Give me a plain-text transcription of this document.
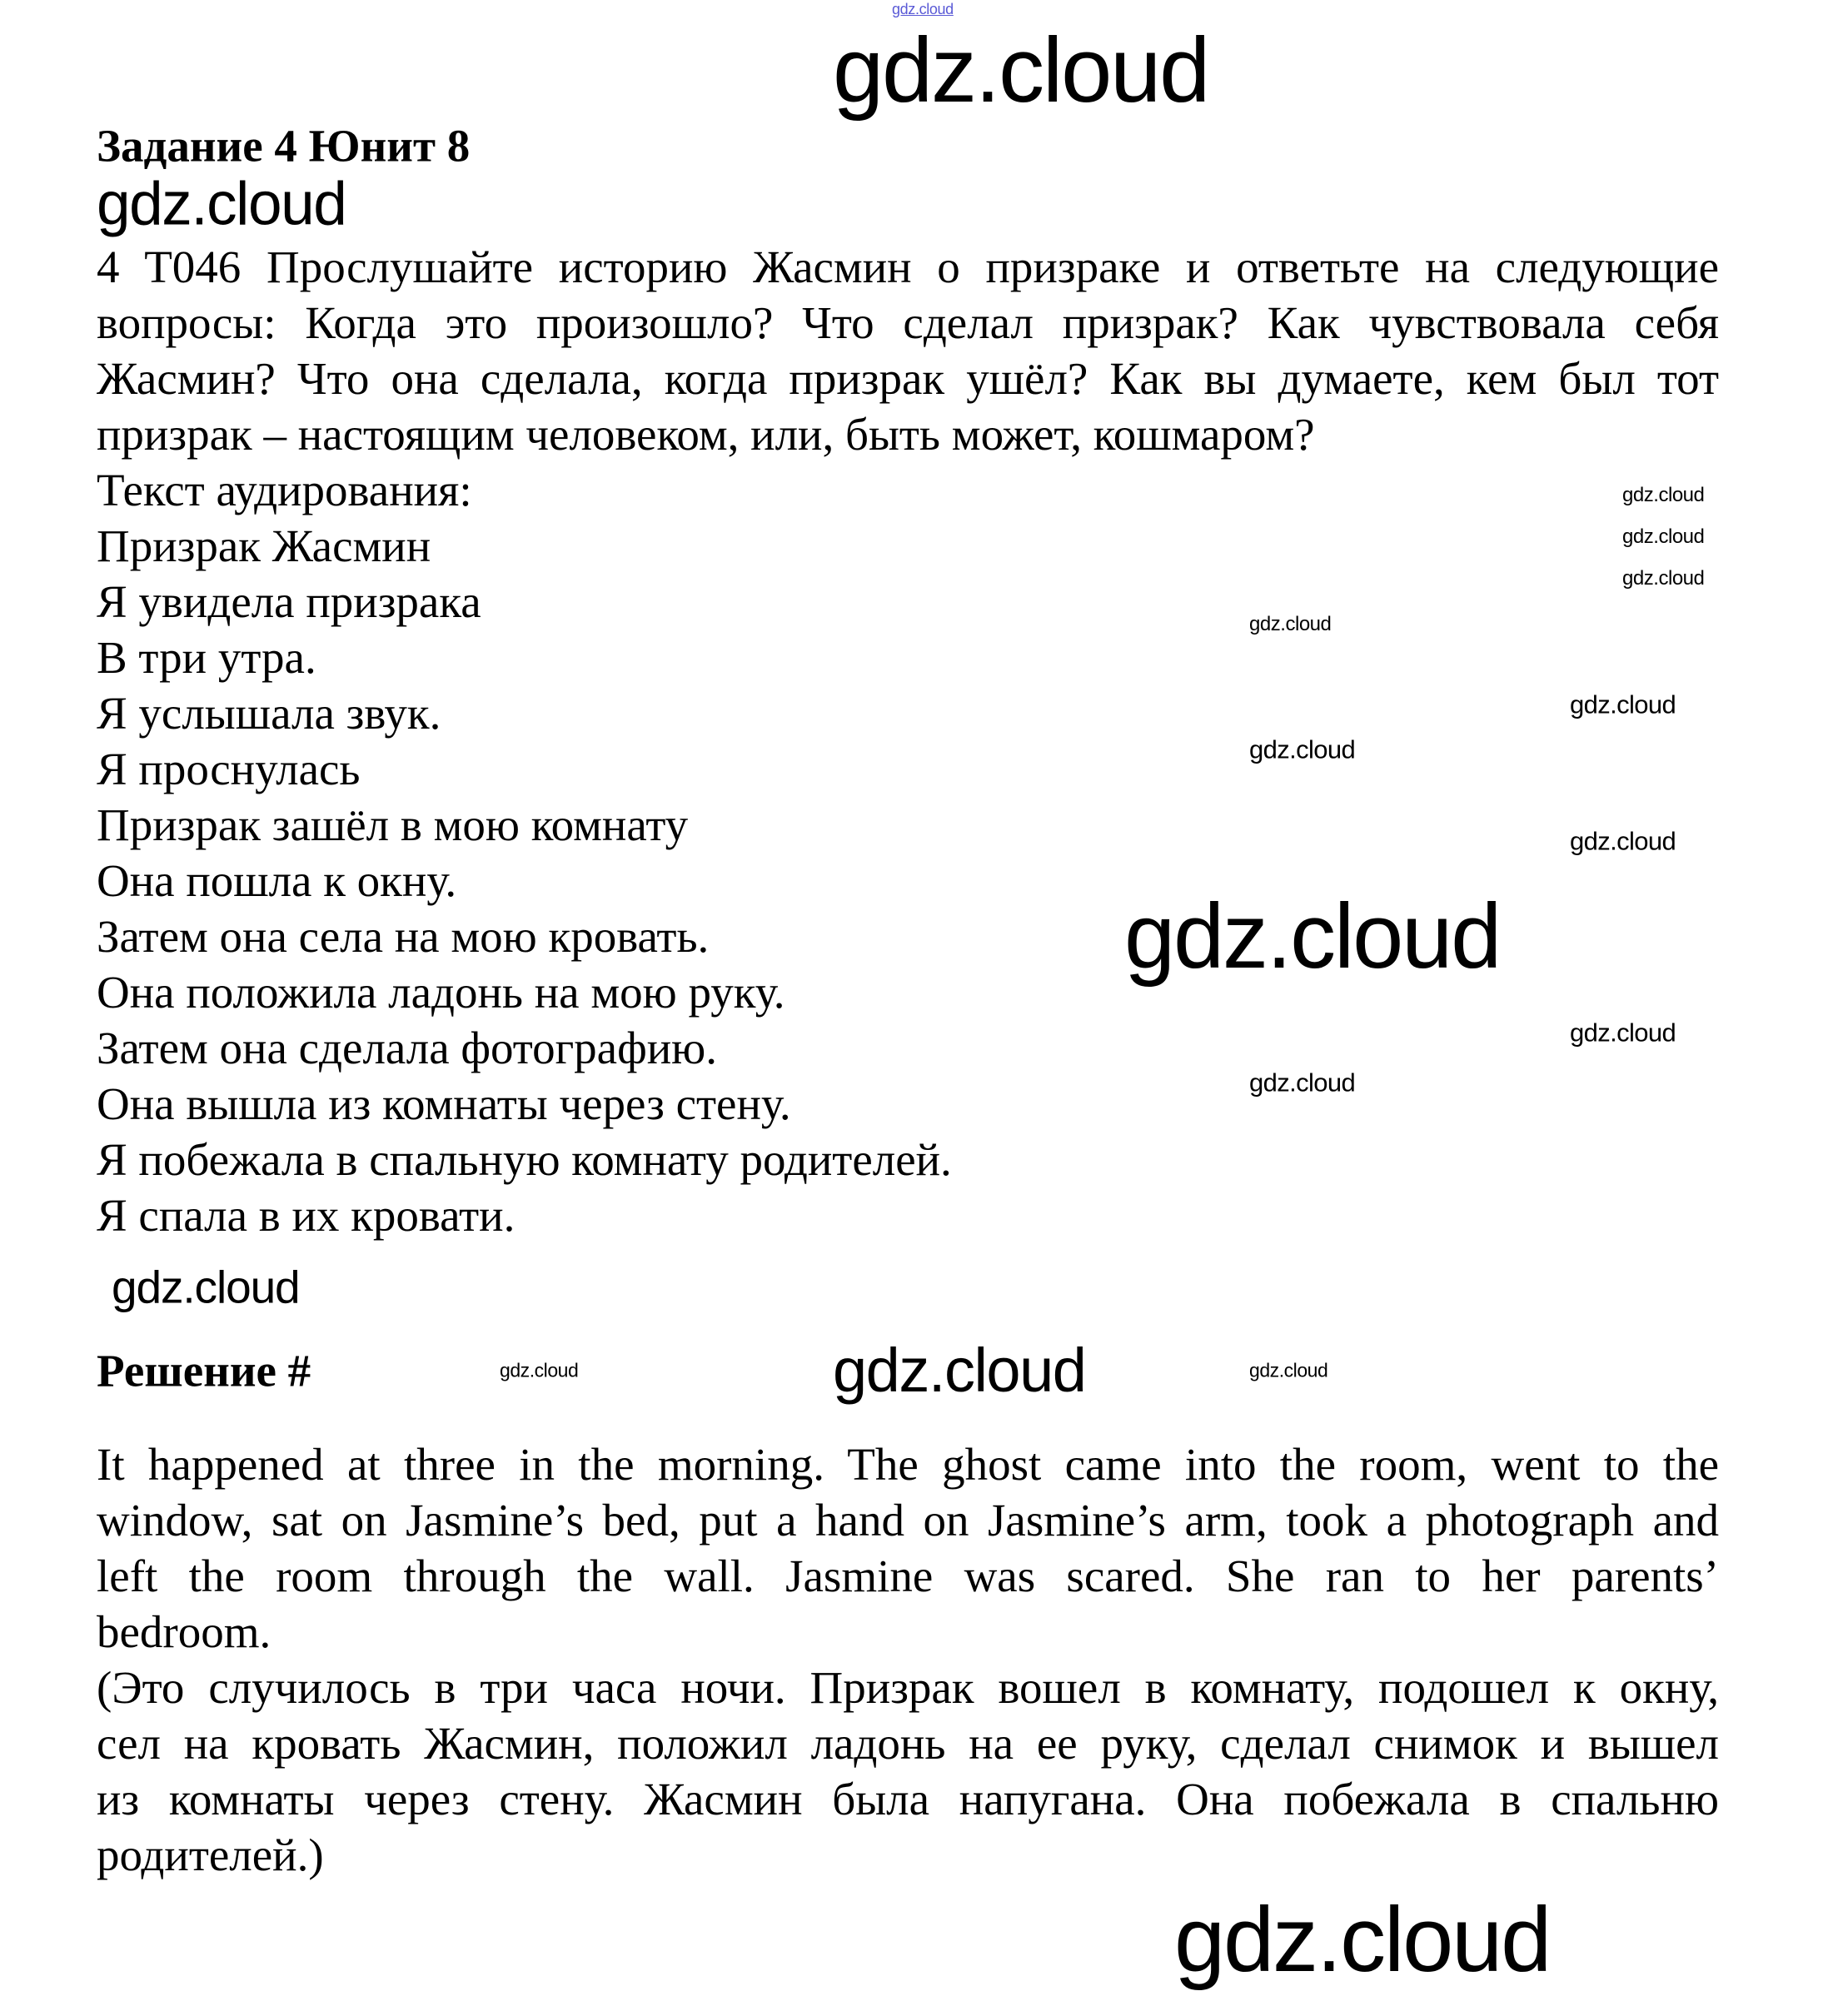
gdz.cloud
Задание 4 Юнит 8
4 T046 Прослушайте историю Жасмин о призраке и ответьте на следующие
вопросы: Когда это произошло? Что сделал призрак? Как чувствовала себя
Жасмин? Что она сделала, когда призрак ушёл? Как вы думаете, кем был тот
призрак – настоящим человеком, или, быть может, кошмаром?
Текст аудирования:
Призрак Жасмин
Я увидела призрака
В три утра.
Я услышала звук.
Я проснулась
Призрак зашёл в мою комнату
Она пошла к окну.
Затем она села на мою кровать.
Она положила ладонь на мою руку.
Затем она сделала фотографию.
Она вышла из комнаты через стену.
Я побежала в спальную комнату родителей.
Я спала в их кровати.
Решение #
It happened at three in the morning. The ghost came into the room, went to the
window, sat on Jasmine’s bed, put a hand on Jasmine’s arm, took a photograph and
left the room through the wall. Jasmine was scared. She ran to her parents’
bedroom.
(Это случилось в три часа ночи. Призрак вошел в комнату, подошел к окну,
сел на кровать Жасмин, положил ладонь на ее руку, сделал снимок и вышел
из комнаты через стену. Жасмин была напугана. Она побежала в спальню
родителей.)
gdz.cloud
gdz.cloud
gdz.cloud
gdz.cloud
gdz.cloud
gdz.cloud
gdz.cloud
gdz.cloud
gdz.cloud
gdz.cloud
gdz.cloud
gdz.cloud
gdz.cloud
gdz.cloud	gdz.cloud	gdz.cloud
gdz.cloud
